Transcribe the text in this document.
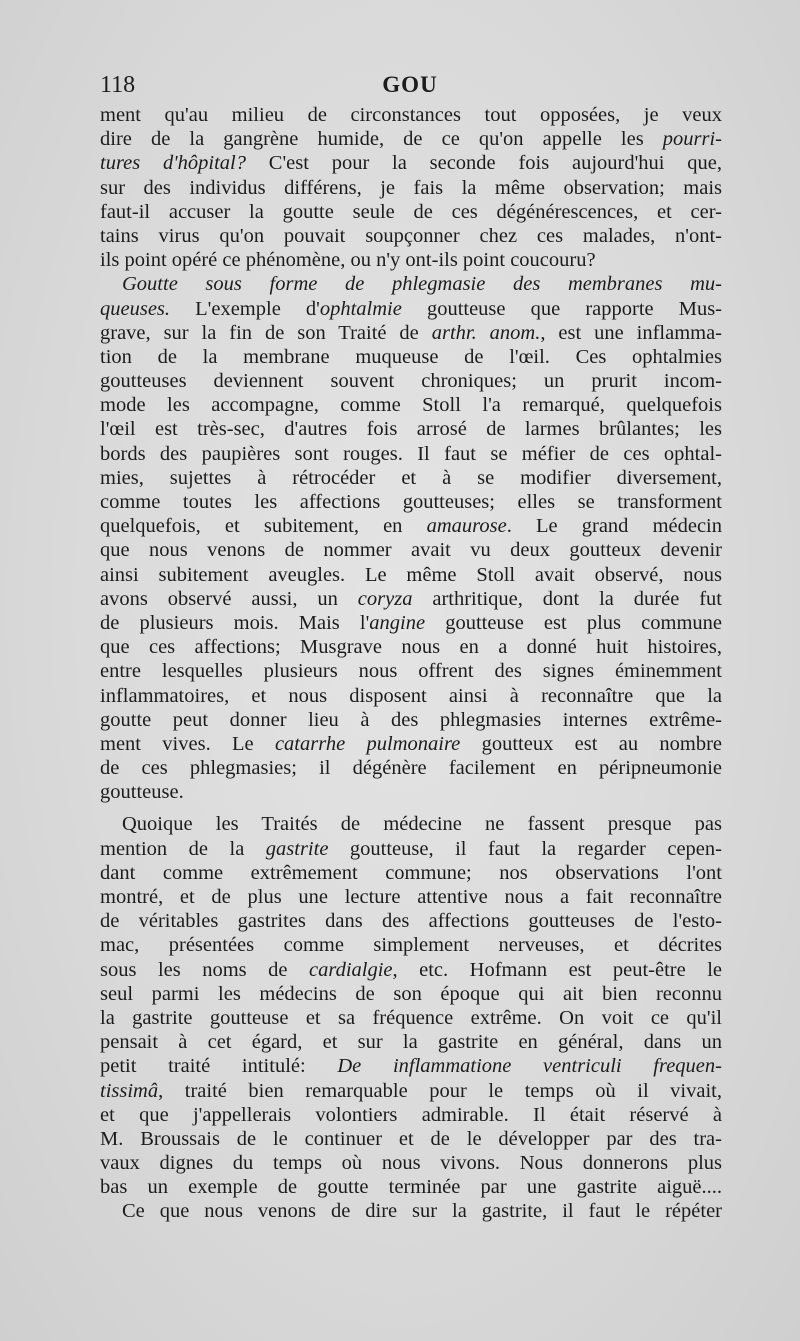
118	GOU
ment qu'au milieu de circonstances tout opposées, je veux
dire de la gangrène humide, de ce qu'on appelle les pourri-
tures d'hôpital? C'est pour la seconde fois aujourd'hui que,
sur des individus différens, je fais la même observation; mais
faut-il accuser la goutte seule de ces dégénérescences, et cer-
tains virus qu'on pouvait soupçonner chez ces malades, n'ont-
ils point opéré ce phénomène, ou n'y ont-ils point coucouru?
Goutte sous forme de phlegmasie des membranes mu-
queuses. L'exemple d'ophtalmie goutteuse que rapporte Mus-
grave, sur la fin de son Traité de arthr. anom., est une inflamma-
tion de la membrane muqueuse de l'œil. Ces ophtalmies
goutteuses deviennent souvent chroniques; un prurit incom-
mode les accompagne, comme Stoll l'a remarqué, quelquefois
l'œil est très-sec, d'autres fois arrosé de larmes brûlantes; les
bords des paupières sont rouges. Il faut se méfier de ces ophtal-
mies, sujettes à rétrocéder et à se modifier diversement,
comme toutes les affections goutteuses; elles se transforment
quelquefois, et subitement, en amaurose. Le grand médecin
que nous venons de nommer avait vu deux goutteux devenir
ainsi subitement aveugles. Le même Stoll avait observé, nous
avons observé aussi, un coryza arthritique, dont la durée fut
de plusieurs mois. Mais l'angine goutteuse est plus commune
que ces affections; Musgrave nous en a donné huit histoires,
entre lesquelles plusieurs nous offrent des signes éminemment
inflammatoires, et nous disposent ainsi à reconnaître que la
goutte peut donner lieu à des phlegmasies internes extrême-
ment vives. Le catarrhe pulmonaire goutteux est au nombre
de ces phlegmasies; il dégénère facilement en péripneumonie
goutteuse.
Quoique les Traités de médecine ne fassent presque pas
mention de la gastrite goutteuse, il faut la regarder cepen-
dant comme extrêmement commune; nos observations l'ont
montré, et de plus une lecture attentive nous a fait reconnaître
de véritables gastrites dans des affections goutteuses de l'esto-
mac, présentées comme simplement nerveuses, et décrites
sous les noms de cardialgie, etc. Hofmann est peut-être le
seul parmi les médecins de son époque qui ait bien reconnu
la gastrite goutteuse et sa fréquence extrême. On voit ce qu'il
pensait à cet égard, et sur la gastrite en général, dans un
petit traité intitulé: De inflammatione ventriculi frequen-
tissimâ, traité bien remarquable pour le temps où il vivait,
et que j'appellerais volontiers admirable. Il était réservé à
M. Broussais de le continuer et de le développer par des tra-
vaux dignes du temps où nous vivons. Nous donnerons plus
bas un exemple de goutte terminée par une gastrite aiguë....
Ce que nous venons de dire sur la gastrite, il faut le répéter
